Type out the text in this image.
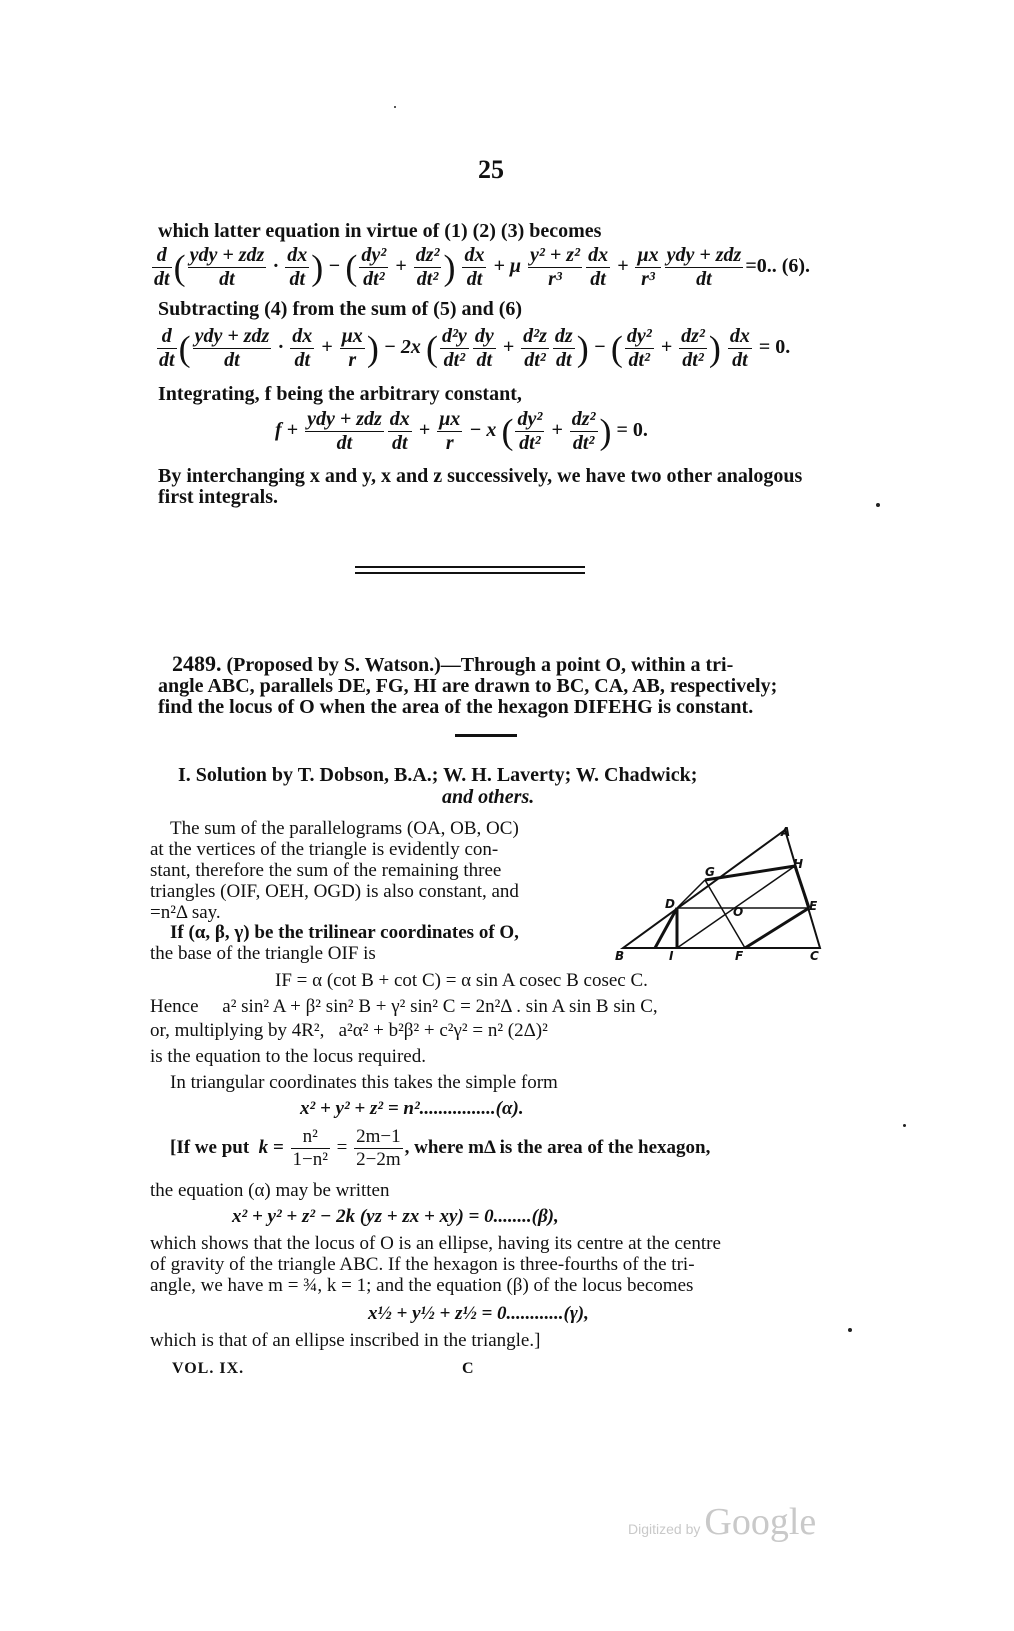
25
which latter equation in virtue of (1) (2) (3) becomes
$\frac{d}{dt}$ ( $\frac{\text{ydy + zdz}}{dt} \cdot \frac{dx}{dt}$ ) − ( $\frac{\text{dy²}}{\text{dt²}} + \frac{\text{dz²}}{\text{dt²}}$ ) $\frac{dx}{dt} + \mu \frac{\text{y² + z²}}{\text{r³}} \frac{dx}{dt} + \frac{\mu x}{\text{r³}} \frac{\text{ydy + zdz}}{dt} =0$.. (6).
Subtracting (4) from the sum of (5) and (6)
$\frac{d}{dt}$ ( $\frac{\text{ydy + zdz}}{dt} \cdot \frac{dx}{dt} + \frac{\mu x}{r}$ ) − 2x ( $\frac{\text{d²y}}{\text{dt²}} \frac{dy}{dt} + \frac{\text{d²z}}{\text{dt²}} \frac{dz}{dt}$ ) − ( $\frac{\text{dy²}}{\text{dt²}} + \frac{\text{dz²}}{\text{dt²}}$ ) $\frac{dx}{dt} = 0$.
Integrating, f being the arbitrary constant,
$f + \frac{\text{ydy + zdz}}{dt} \frac{dx}{dt} + \frac{\mu x}{r} - x$ ( $\frac{\text{dy²}}{\text{dt²}} + \frac{\text{dz²}}{\text{dt²}}$ ) = 0.
By interchanging x and y, x and z successively, we have two other analogous
first integrals.
2489. (Proposed by S. Watson.)—Through a point O, within a tri-
angle ABC, parallels DE, FG, HI are drawn to BC, CA, AB, respectively;
find the locus of O when the area of the hexagon DIFEHG is constant.
I. Solution by T. Dobson, B.A.; W. H. Laverty; W. Chadwick;
and others.
The sum of the parallelograms (OA, OB, OC)
at the vertices of the triangle is evidently con-
stant, therefore the sum of the remaining three
triangles (OIF, OEH, OGD) is also constant, and
=n²Δ say.
If (α, β, γ) be the trilinear coordinates of O,
the base of the triangle OIF is
A
H
G
E
D
O
B	I	F	C
IF = α (cot B + cot C) = α sin A cosec B cosec C.
Hence     a² sin² A + β² sin² B + γ² sin² C = 2n²Δ . sin A sin B sin C,
or, multiplying by 4R²,   a²α² + b²β² + c²γ² = n² (2Δ)²
is the equation to the locus required.
In triangular coordinates this takes the simple form
x² + y² + z² = n²................(α).
[If we put $k = \frac{\text{n²}}{\text{1−n²}} = \frac{2m-1}{2-2m}$ , where mΔ is the area of the hexagon,
the equation (α) may be written
x² + y² + z² − 2k (yz + zx + xy) = 0........(β),
which shows that the locus of O is an ellipse, having its centre at the centre
of gravity of the triangle ABC. If the hexagon is three-fourths of the tri-
angle, we have m = ¾, k = 1; and the equation (β) of the locus becomes
x½ + y½ + z½ = 0............(γ),
which is that of an ellipse inscribed in the triangle.]
VOL. IX.	C
Digitized by Google
